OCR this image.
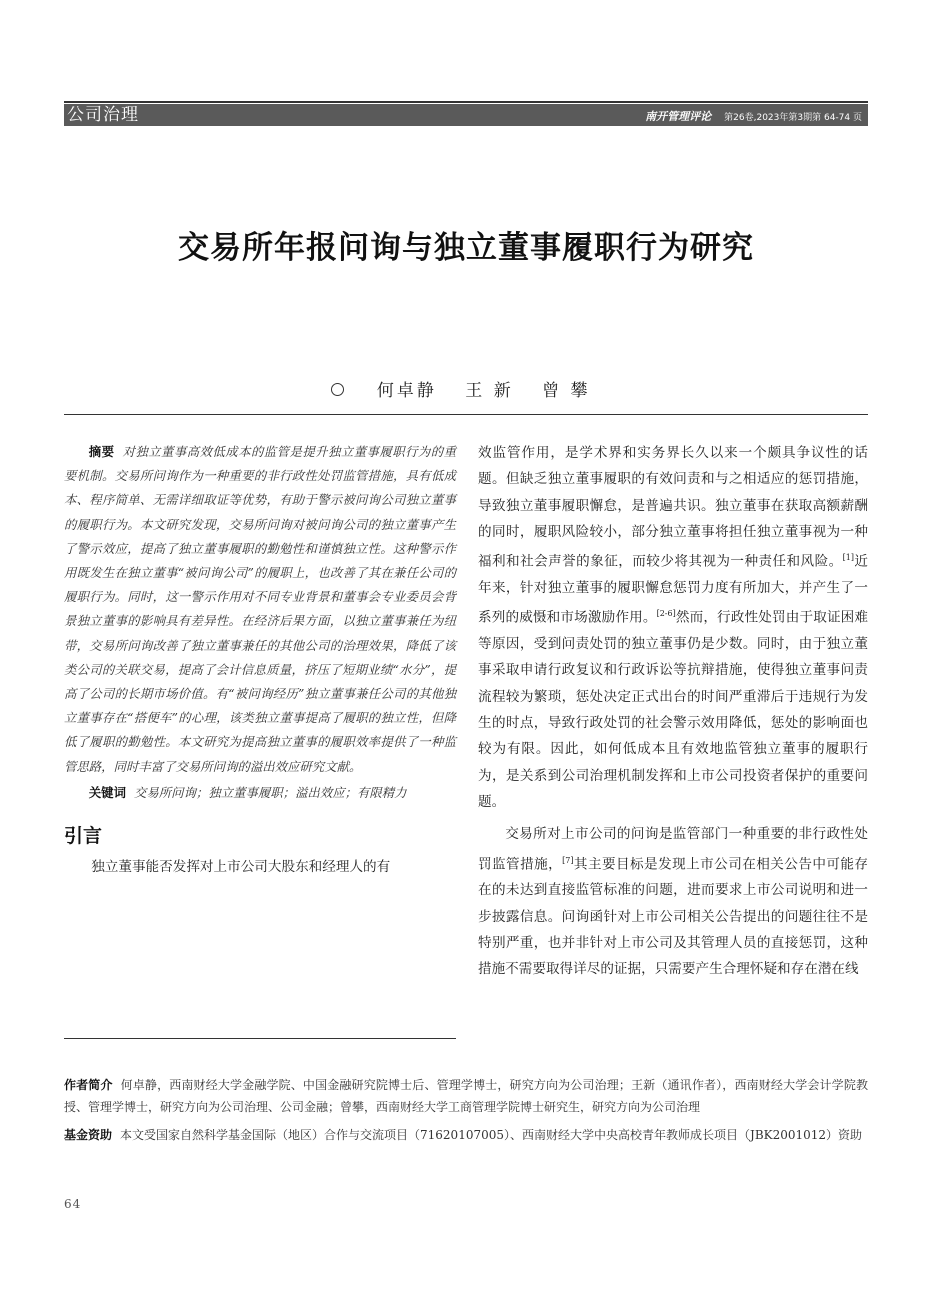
公司治理	南开管理评论 第26卷,2023年第3期第 64-74 页
交易所年报问询与独立董事履职行为研究
何卓静 王 新 曾 攀

摘要 对独立董事高效低成本的监管是提升独立董事履职行为的重要机制。交易所问询作为一种重要的非行政性处罚监管措施，具有低成本、程序简单、无需详细取证等优势，有助于警示被问询公司独立董事的履职行为。本文研究发现，交易所问询对被问询公司的独立董事产生了警示效应，提高了独立董事履职的勤勉性和谨慎独立性。这种警示作用既发生在独立董事“被问询公司”的履职上，也改善了其在兼任公司的履职行为。同时，这一警示作用对不同专业背景和董事会专业委员会背景独立董事的影响具有差异性。在经济后果方面，以独立董事兼任为纽带，交易所问询改善了独立董事兼任的其他公司的治理效果，降低了该类公司的关联交易，提高了会计信息质量，挤压了短期业绩“水分”，提高了公司的长期市场价值。有“被问询经历”独立董事兼任公司的其他独立董事存在“搭便车”的心理，该类独立董事提高了履职的独立性，但降低了履职的勤勉性。本文研究为提高独立董事的履职效率提供了一种监管思路，同时丰富了交易所问询的溢出效应研究文献。

关键词 交易所问询；独立董事履职；溢出效应；有限精力

引言

独立董事能否发挥对上市公司大股东和经理人的有

效监管作用，是学术界和实务界长久以来一个颇具争议性的话题。但缺乏独立董事履职的有效问责和与之相适应的惩罚措施，导致独立董事履职懈怠，是普遍共识。独立董事在获取高额薪酬的同时，履职风险较小，部分独立董事将担任独立董事视为一种福利和社会声誉的象征，而较少将其视为一种责任和风险。[1]近年来，针对独立董事的履职懈怠惩罚力度有所加大，并产生了一系列的威慑和市场激励作用。[2-6]然而，行政性处罚由于取证困难等原因，受到问责处罚的独立董事仍是少数。同时，由于独立董事采取申请行政复议和行政诉讼等抗辩措施，使得独立董事问责流程较为繁琐，惩处决定正式出台的时间严重滞后于违规行为发生的时点，导致行政处罚的社会警示效用降低，惩处的影响面也较为有限。因此，如何低成本且有效地监管独立董事的履职行为，是关系到公司治理机制发挥和上市公司投资者保护的重要问题。

交易所对上市公司的问询是监管部门一种重要的非行政性处罚监管措施，[7]其主要目标是发现上市公司在相关公告中可能存在的未达到直接监管标准的问题，进而要求上市公司说明和进一步披露信息。问询函针对上市公司相关公告提出的问题往往不是特别严重，也并非针对上市公司及其管理人员的直接惩罚，这种措施不需要取得详尽的证据，只需要产生合理怀疑和存在潜在线

作者简介 何卓静，西南财经大学金融学院、中国金融研究院博士后、管理学博士，研究方向为公司治理；王新（通讯作者），西南财经大学会计学院教授、管理学博士，研究方向为公司治理、公司金融；曾攀，西南财经大学工商管理学院博士研究生，研究方向为公司治理

基金资助 本文受国家自然科学基金国际（地区）合作与交流项目（71620107005）、西南财经大学中央高校青年教师成长项目（JBK2001012）资助

64
